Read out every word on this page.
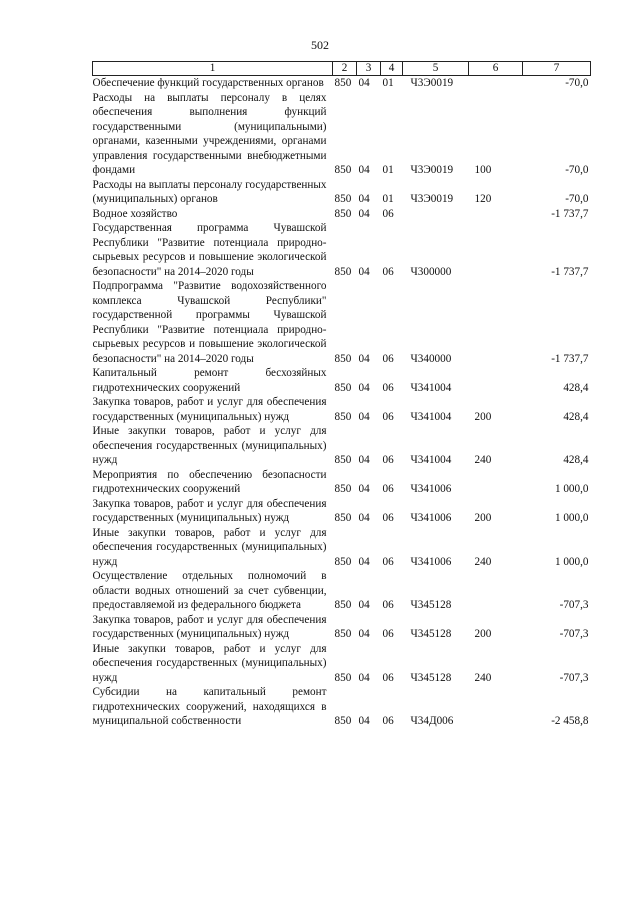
502
1	2	3	4	5	6	7
Обеспечение функций государственных органов	850	04	01	Ч3Э0019		-70,0
Расходы на выплаты персоналу в целях обеспечения выполнения функций государственными (муниципальными) органами, казенными учреждениями, органами управления государственными внебюджетными фондами	850	04	01	Ч3Э0019	100	-70,0
Расходы на выплаты персоналу государственных (муниципальных) органов	850	04	01	Ч3Э0019	120	-70,0
Водное хозяйство	850	04	06			-1 737,7
Государственная программа Чувашской Республики "Развитие потенциала природно-сырьевых ресурсов и повышение экологической безопасности" на 2014–2020 годы	850	04	06	Ч300000		-1 737,7
Подпрограмма "Развитие водохозяйственного комплекса Чувашской Республики" государственной программы Чувашской Республики "Развитие потенциала природно-сырьевых ресурсов и повышение экологической безопасности" на 2014–2020 годы	850	04	06	Ч340000		-1 737,7
Капитальный ремонт бесхозяйных гидротехнических сооружений	850	04	06	Ч341004		428,4
Закупка товаров, работ и услуг для обеспечения государственных (муниципальных) нужд	850	04	06	Ч341004	200	428,4
Иные закупки товаров, работ и услуг для обеспечения государственных (муниципальных) нужд	850	04	06	Ч341004	240	428,4
Мероприятия по обеспечению безопасности гидротехнических сооружений	850	04	06	Ч341006		1 000,0
Закупка товаров, работ и услуг для обеспечения государственных (муниципальных) нужд	850	04	06	Ч341006	200	1 000,0
Иные закупки товаров, работ и услуг для обеспечения государственных (муниципальных) нужд	850	04	06	Ч341006	240	1 000,0
Осуществление отдельных полномочий в области водных отношений за счет субвенции, предоставляемой из федерального бюджета	850	04	06	Ч345128		-707,3
Закупка товаров, работ и услуг для обеспечения государственных (муниципальных) нужд	850	04	06	Ч345128	200	-707,3
Иные закупки товаров, работ и услуг для обеспечения государственных (муниципальных) нужд	850	04	06	Ч345128	240	-707,3
Субсидии на капитальный ремонт гидротехнических сооружений, находящихся в муниципальной собственности	850	04	06	Ч34Д006		-2 458,8
